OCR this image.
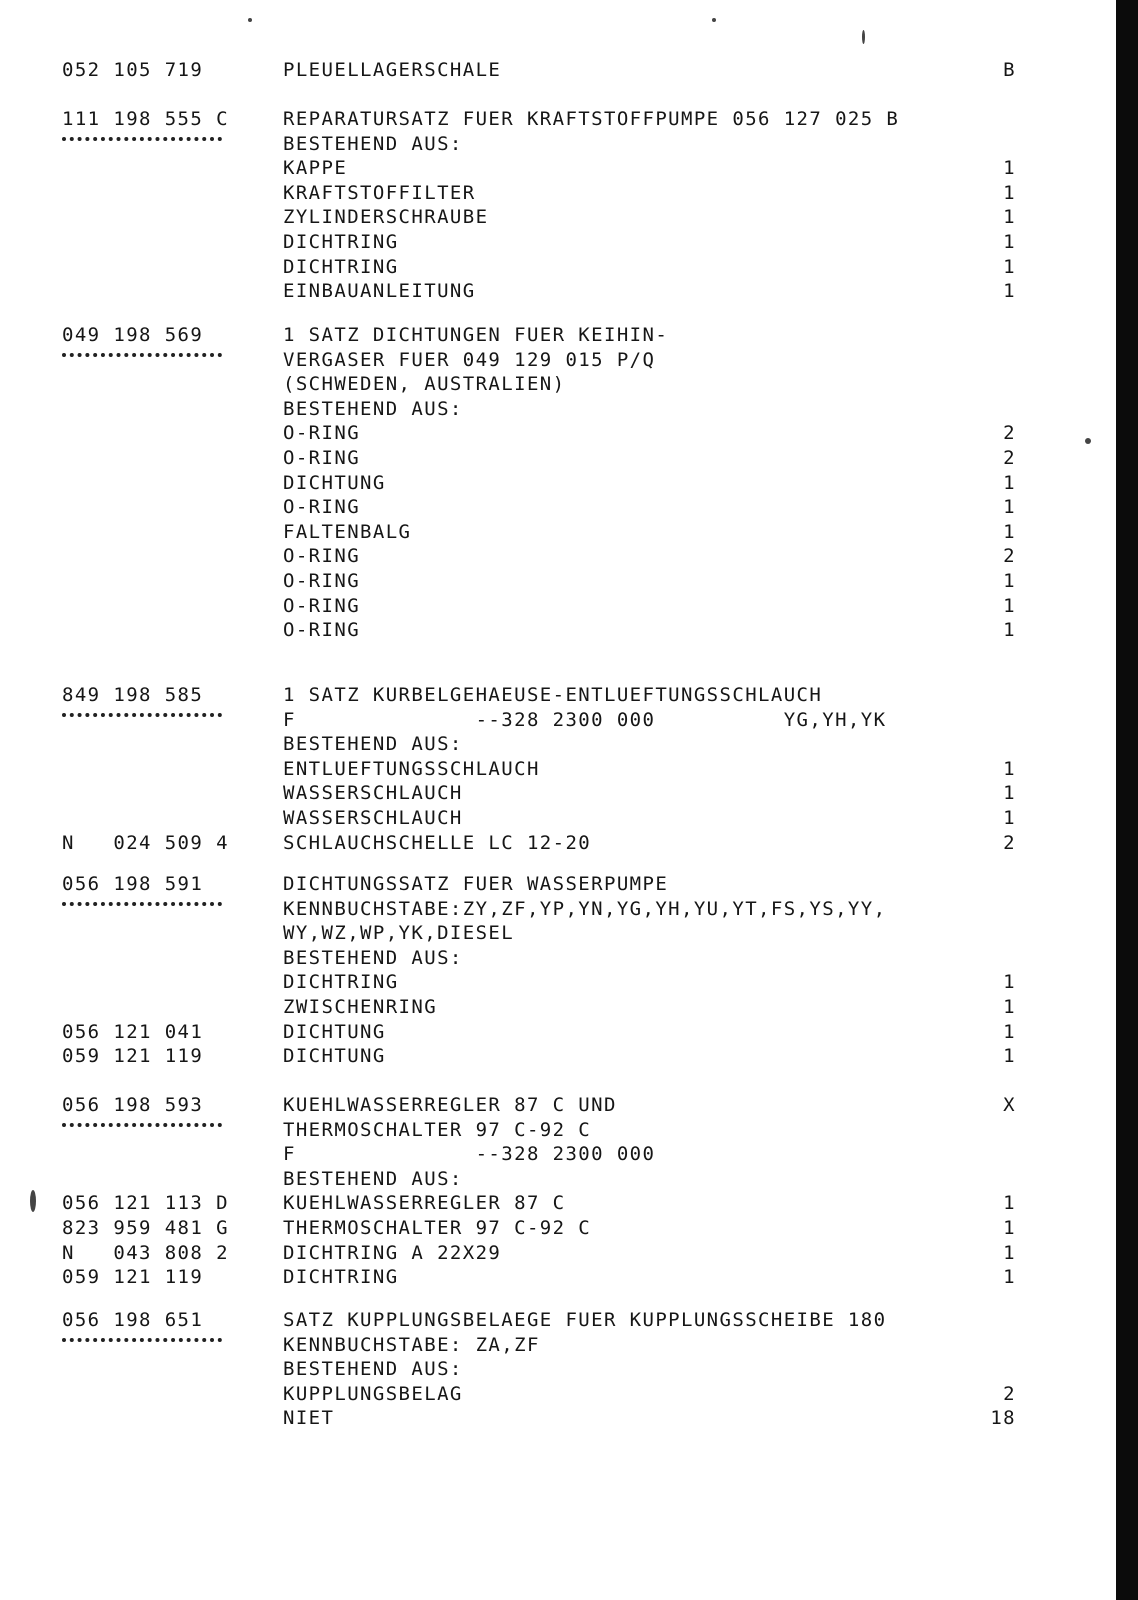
052 105 719	PLEUELLAGERSCHALE	B
111 198 555 C	REPARATURSATZ FUER KRAFTSTOFFPUMPE 056 127 025 B
BESTEHEND AUS:
KAPPE	1
KRAFTSTOFFILTER	1
ZYLINDERSCHRAUBE	1
DICHTRING	1
DICHTRING	1
EINBAUANLEITUNG	1
049 198 569	1 SATZ DICHTUNGEN FUER KEIHIN-
VERGASER FUER 049 129 015 P/Q
(SCHWEDEN, AUSTRALIEN)
BESTEHEND AUS:
O-RING	2
O-RING	2
DICHTUNG	1
O-RING	1
FALTENBALG	1
O-RING	2
O-RING	1
O-RING	1
O-RING	1
849 198 585	1 SATZ KURBELGEHAEUSE-ENTLUEFTUNGSSCHLAUCH
F              --328 2300 000          YG,YH,YK
BESTEHEND AUS:
ENTLUEFTUNGSSCHLAUCH	1
WASSERSCHLAUCH	1
WASSERSCHLAUCH	1
N   024 509 4	SCHLAUCHSCHELLE LC 12-20	2
056 198 591	DICHTUNGSSATZ FUER WASSERPUMPE
KENNBUCHSTABE:ZY,ZF,YP,YN,YG,YH,YU,YT,FS,YS,YY,
WY,WZ,WP,YK,DIESEL
BESTEHEND AUS:
DICHTRING	1
ZWISCHENRING	1
056 121 041	DICHTUNG	1
059 121 119	DICHTUNG	1
056 198 593	KUEHLWASSERREGLER 87 C UND	X
THERMOSCHALTER 97 C-92 C
F              --328 2300 000
BESTEHEND AUS:
056 121 113 D	KUEHLWASSERREGLER 87 C	1
823 959 481 G	THERMOSCHALTER 97 C-92 C	1
N   043 808 2	DICHTRING A 22X29	1
059 121 119	DICHTRING	1
056 198 651	SATZ KUPPLUNGSBELAEGE FUER KUPPLUNGSSCHEIBE 180
KENNBUCHSTABE: ZA,ZF
BESTEHEND AUS:
KUPPLUNGSBELAG	2
NIET	18
